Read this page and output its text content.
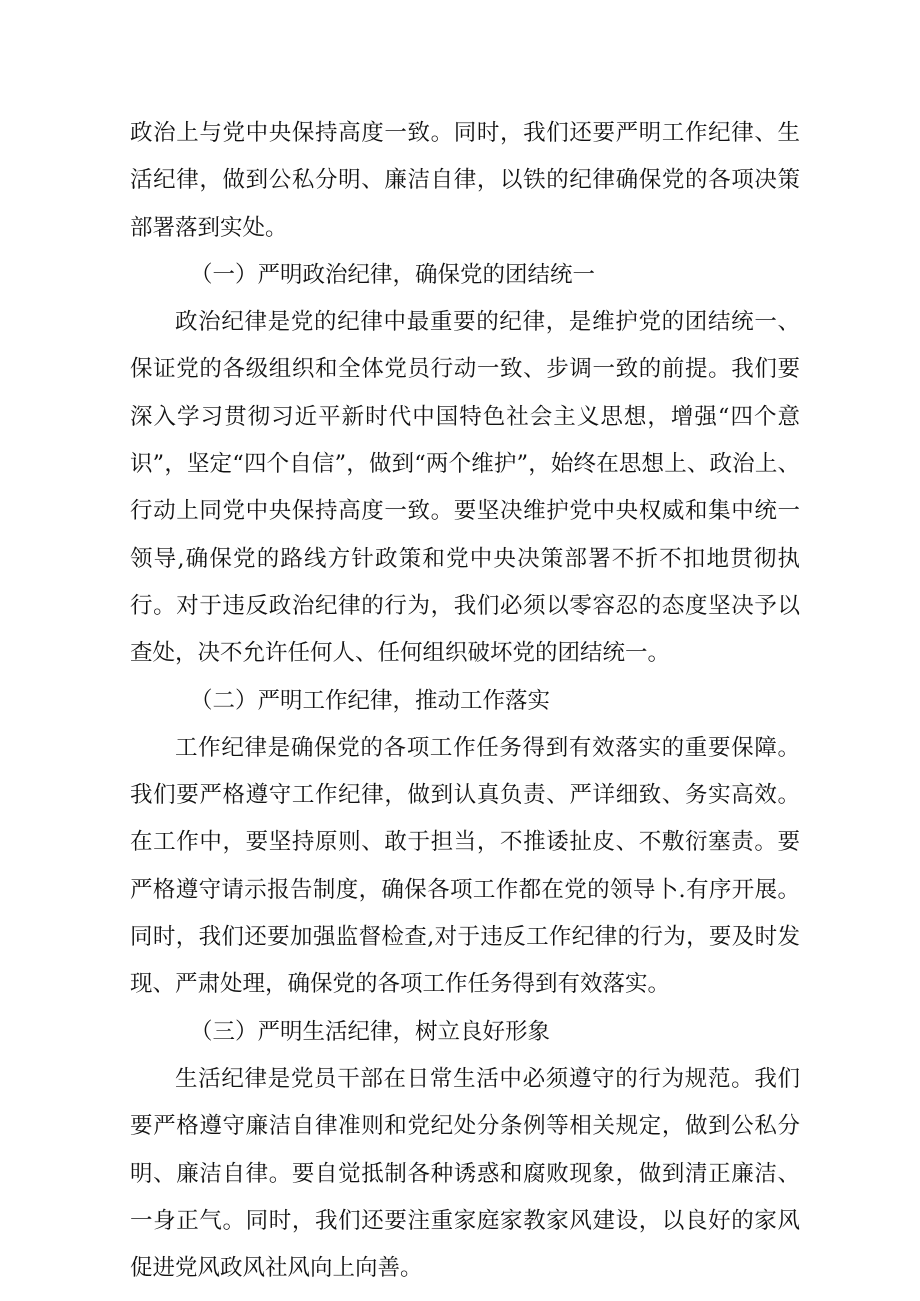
政治上与党中央保持高度一致。同时，我们还要严明工作纪律、生活纪律，做到公私分明、廉洁自律，以铁的纪律确保党的各项决策部署落到实处。

（一）严明政治纪律，确保党的团结统一

政治纪律是党的纪律中最重要的纪律，是维护党的团结统一、保证党的各级组织和全体党员行动一致、步调一致的前提。我们要深入学习贯彻习近平新时代中国特色社会主义思想，增强“四个意识”，坚定“四个自信”，做到“两个维护”，始终在思想上、政治上、行动上同党中央保持高度一致。要坚决维护党中央权威和集中统一领导,确保党的路线方针政策和党中央决策部署不折不扣地贯彻执行。对于违反政治纪律的行为，我们必须以零容忍的态度坚决予以查处，决不允许任何人、任何组织破坏党的团结统一。

（二）严明工作纪律，推动工作落实

工作纪律是确保党的各项工作任务得到有效落实的重要保障。我们要严格遵守工作纪律，做到认真负责、严详细致、务实高效。在工作中，要坚持原则、敢于担当，不推诿扯皮、不敷衍塞责。要严格遵守请示报告制度，确保各项工作都在党的领导卜.有序开展。同时，我们还要加强监督检查,对于违反工作纪律的行为，要及时发现、严肃处理，确保党的各项工作任务得到有效落实。

（三）严明生活纪律，树立良好形象

生活纪律是党员干部在日常生活中必须遵守的行为规范。我们要严格遵守廉洁自律准则和党纪处分条例等相关规定，做到公私分明、廉洁自律。要自觉抵制各种诱惑和腐败现象，做到清正廉洁、一身正气。同时，我们还要注重家庭家教家风建设，以良好的家风促进党风政风社风向上向善。
